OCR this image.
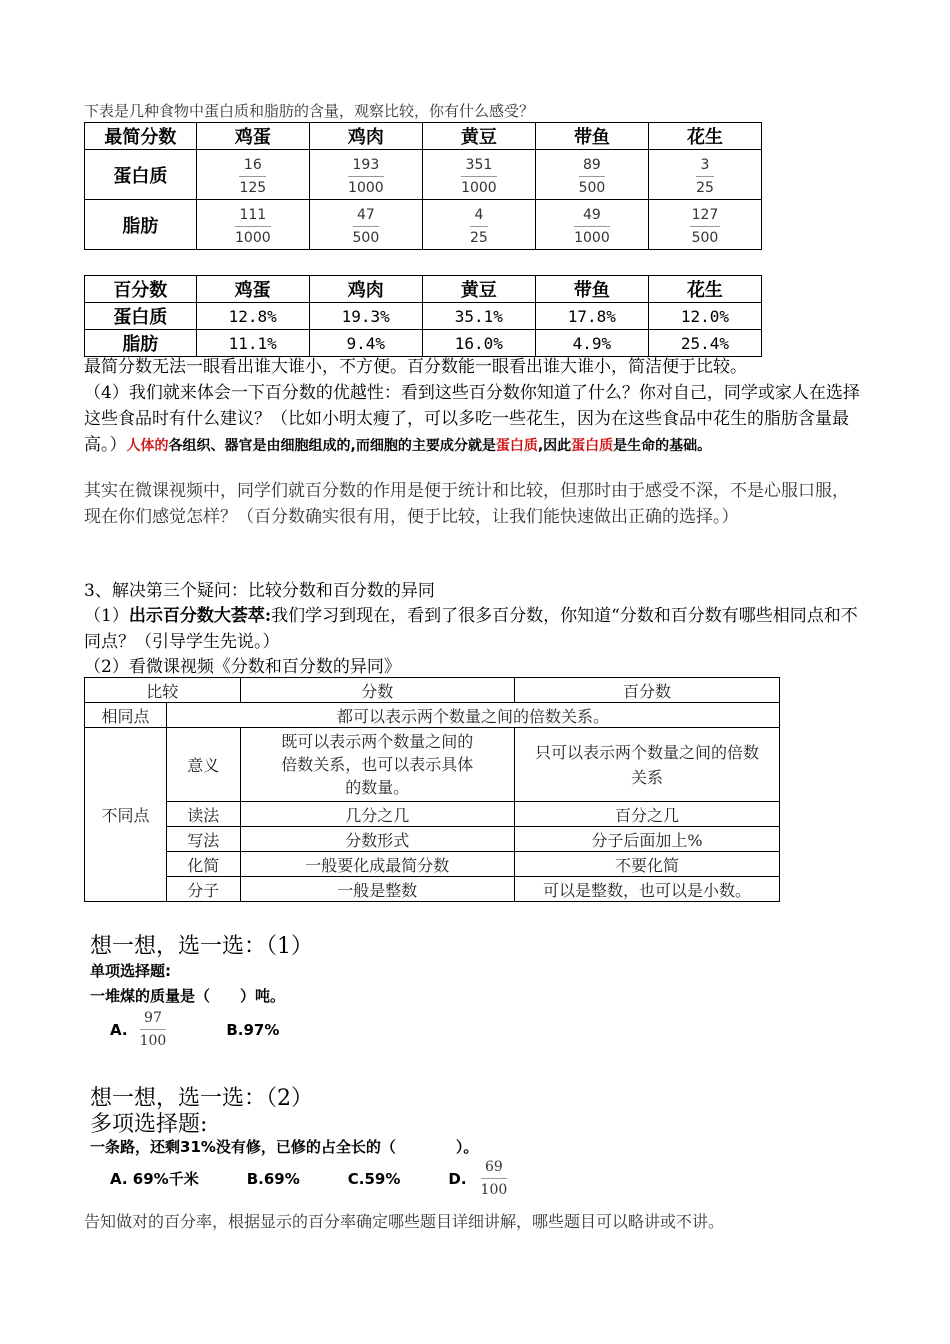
下表是几种食物中蛋白质和脂肪的含量，观察比较，你有什么感受？
最简分数	鸡蛋	鸡肉	黄豆	带鱼	花生
蛋白质	$\frac{16}{125}$	$\frac{193}{1000}$	$\frac{351}{1000}$	$\frac{89}{500}$	$\frac{3}{25}$

脂肪	$\frac{111}{1000}$	$\frac{47}{500}$	$\frac{4}{25}$	$\frac{49}{1000}$	$\frac{127}{500}$
百分数	鸡蛋	鸡肉	黄豆	带鱼	花生
蛋白质	12.8%	19.3%	35.1%	17.8%	12.0%
脂肪	11.1%	9.4%	16.0%	4.9%	25.4%
最简分数无法一眼看出谁大谁小，不方便。百分数能一眼看出谁大谁小，简洁便于比较。
（4）我们就来体会一下百分数的优越性：看到这些百分数你知道了什么？你对自己，同学或家人在选择这些食品时有什么建议？（比如小明太瘦了，可以多吃一些花生，因为在这些食品中花生的脂肪含量最高。）人体的各组织、器官是由细胞组成的,而细胞的主要成分就是蛋白质,因此蛋白质是生命的基础。
其实在微课视频中，同学们就百分数的作用是便于统计和比较，但那时由于感受不深，不是心服口服，现在你们感觉怎样？（百分数确实很有用，便于比较，让我们能快速做出正确的选择。）
3、解决第三个疑问：比较分数和百分数的异同
（1）出示百分数大荟萃:我们学习到现在，看到了很多百分数，你知道“分数和百分数有哪些相同点和不同点？（引导学生先说。）
（2）看微课视频《分数和百分数的异同》
比较		分数	百分数
相同点	都可以表示两个数量之间的倍数关系。		
不同点	意义	既可以表示两个数量之间的倍数关系，也可以表示具体的数量。	只可以表示两个数量之间的倍数关系
	读法	几分之几	百分之几
	写法	分数形式	分子后面加上%
	化简	一般要化成最简分数	不要化简
	分子	一般是整数	可以是整数，也可以是小数。
想一想，选一选：（1）
单项选择题:
一堆煤的质量是（　　）吨。
A. $\frac{97}{100}$	B.97%
想一想，选一选：（2）
多项选择题:
一条路，还剩31%没有修，已修的占全长的（　　　　）。
A. 69%千米	B.69%	C.59%	D. $\frac{69}{100}$
告知做对的百分率，根据显示的百分率确定哪些题目详细讲解，哪些题目可以略讲或不讲。
